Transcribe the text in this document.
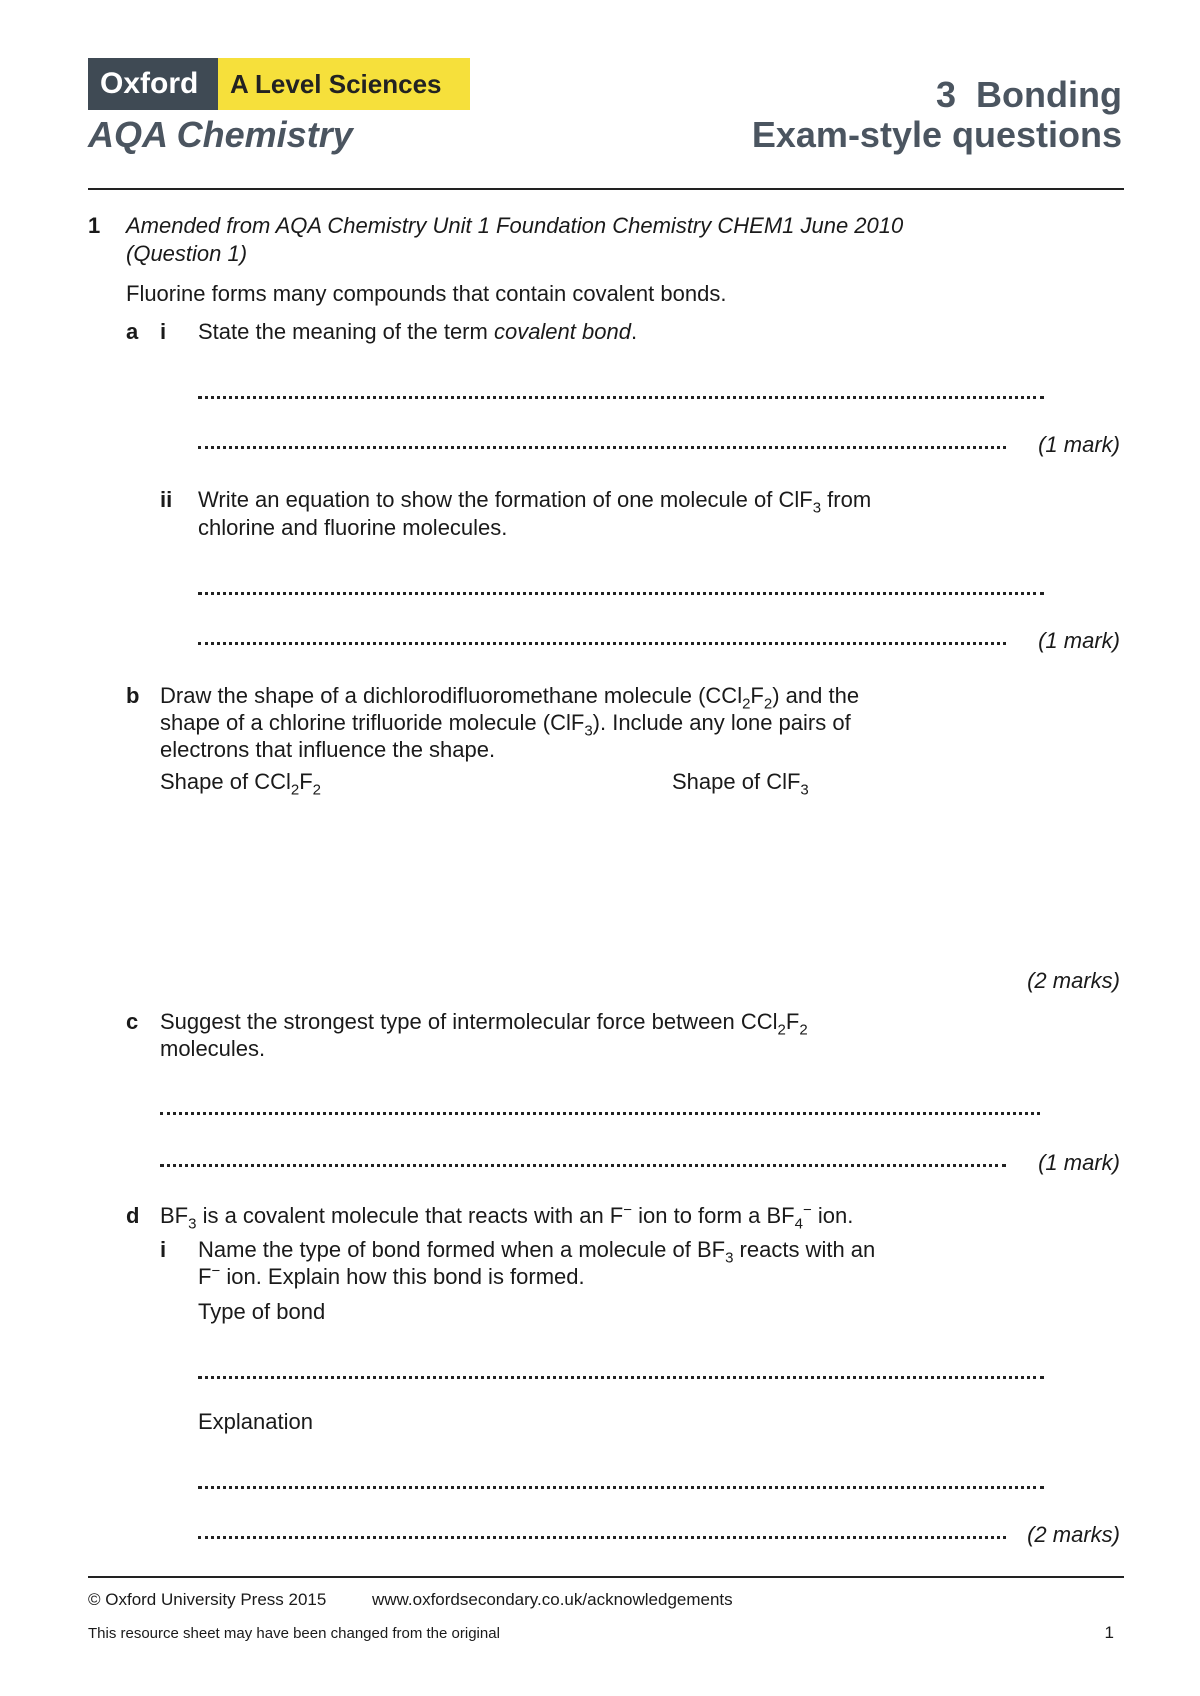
Oxford	A Level Sciences
AQA Chemistry
3  Bonding
Exam-style questions
1 Amended from AQA Chemistry Unit 1 Foundation Chemistry CHEM1 June 2010
(Question 1)
Fluorine forms many compounds that contain covalent bonds.
a i State the meaning of the term covalent bond.
(1 mark)
ii Write an equation to show the formation of one molecule of ClF$_3$ from
chlorine and fluorine molecules.
(1 mark)
b Draw the shape of a dichlorodifluoromethane molecule $(CCl_2F_2)$ and the
shape of a chlorine trifluoride molecule (ClF$_3$). Include any lone pairs of
electrons that influence the shape.
Shape of $CCl_2F_2$	Shape of ClF$_3$
(2 marks)
c Suggest the strongest type of intermolecular force between $CCl_2F_2$
molecules.
(1 mark)
d $BF_3$ is a covalent molecule that reacts with an F− ion to form a $BF_4^-$ ion.
i Name the type of bond formed when a molecule of $BF_3$ reacts with an
F− ion. Explain how this bond is formed.
Type of bond
Explanation
(2 marks)
© Oxford University Press 2015	www.oxfordsecondary.co.uk/acknowledgements
This resource sheet may have been changed from the original	1
